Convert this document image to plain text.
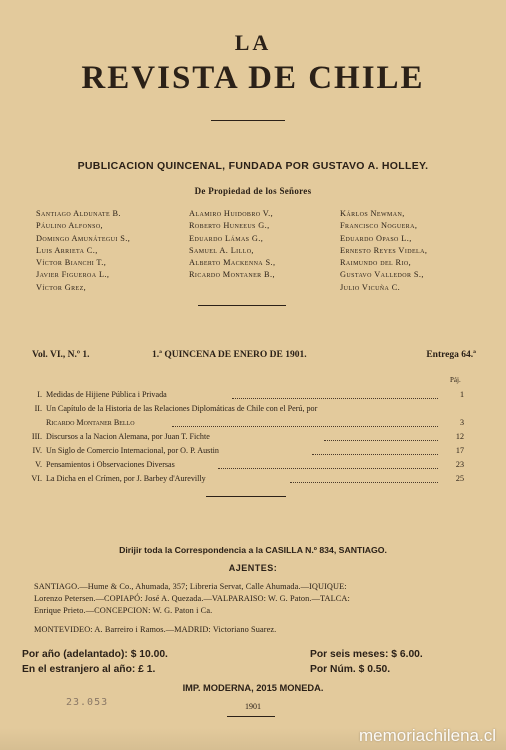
LA
REVISTA DE CHILE
PUBLICACION QUINCENAL, FUNDADA POR GUSTAVO A. HOLLEY.
De Propiedad de los Señores
Santiago Aldunate B.
Páulino Alfonso,
Domingo Amunátegui S.,
Luis Arrieta C.,
Víctor Bianchi T.,
Javier Figueroa L.,
Víctor Grez,
Alamiro Huidobro V.,
Roberto Huneeus G.,
Eduardo Lámas G.,
Samuel A. Lillo,
Alberto Mackenna S.,
Ricardo Montaner B.,
Kárlos Newman,
Francisco Noguera,
Eduardo Opaso L.,
Ernesto Reyes Videla,
Raimundo del Rio,
Gustavo Valledor S.,
Julio Vicuña C.
Vol. VI., N.º 1.	1.ª QUINCENA DE ENERO DE 1901.	Entrega 64.ª
Páj.
I. Medidas de Hijiene Pública i Privada	1
II. Un Capítulo de la Historia de las Relaciones Diplomáticas de Chile con el Perú, por
Ricardo Montaner Bello	3
III. Discursos a la Nacion Alemana, por Juan T. Fichte	12
IV. Un Siglo de Comercio Internacional, por O. P. Austin	17
V. Pensamientos i Observaciones Diversas	23
VI. La Dicha en el Crímen, por J. Barbey d'Aurevilly	25
Dirijir toda la Correspondencia a la CASILLA N.º 834, SANTIAGO.
AJENTES:
SANTIAGO.—Hume & Co., Ahumada, 357; Libreria Servat, Calle Ahumada.—IQUIQUE:
Lorenzo Petersen.—COPIAPÓ: José A. Quezada.—VALPARAISO: W. G. Paton.—TALCA:
Enrique Prieto.—CONCEPCION: W. G. Paton i Ca.
MONTEVIDEO: A. Barreiro i Ramos.—MADRID: Victoriano Suarez.
Por año (adelantado): $ 10.00.	Por seis meses: $ 6.00.
En el estranjero al año: £ 1.	Por Núm. $ 0.50.
IMP. MODERNA, 2015 MONEDA.
1901
23.053
memoriachilena.cl
